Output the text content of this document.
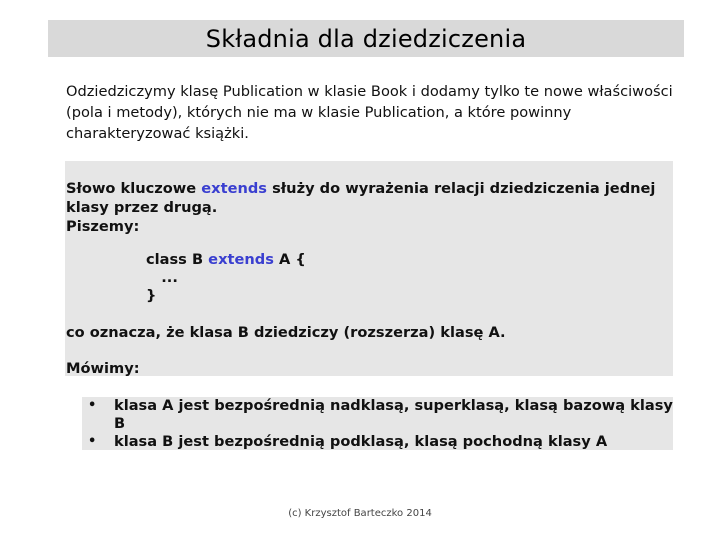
Składnia dla dziedziczenia
Odziedziczymy klasę Publication w klasie Book i dodamy tylko te nowe właściwości (pola i metody), których nie ma w klasie Publication, a które powinny charakteryzować książki.

Słowo kluczowe extends służy do wyrażenia relacji dziedziczenia jednej klasy przez drugą.

Piszemy:

class B extends A {
...
}

co oznacza, że klasa B dziedziczy (rozszerza) klasę A.

Mówimy:

• klasa A jest bezpośrednią nadklasą, superklasą, klasą bazową klasy B
• klasa B jest bezpośrednią podklasą, klasą pochodną klasy A
(c) Krzysztof Barteczko 2014
